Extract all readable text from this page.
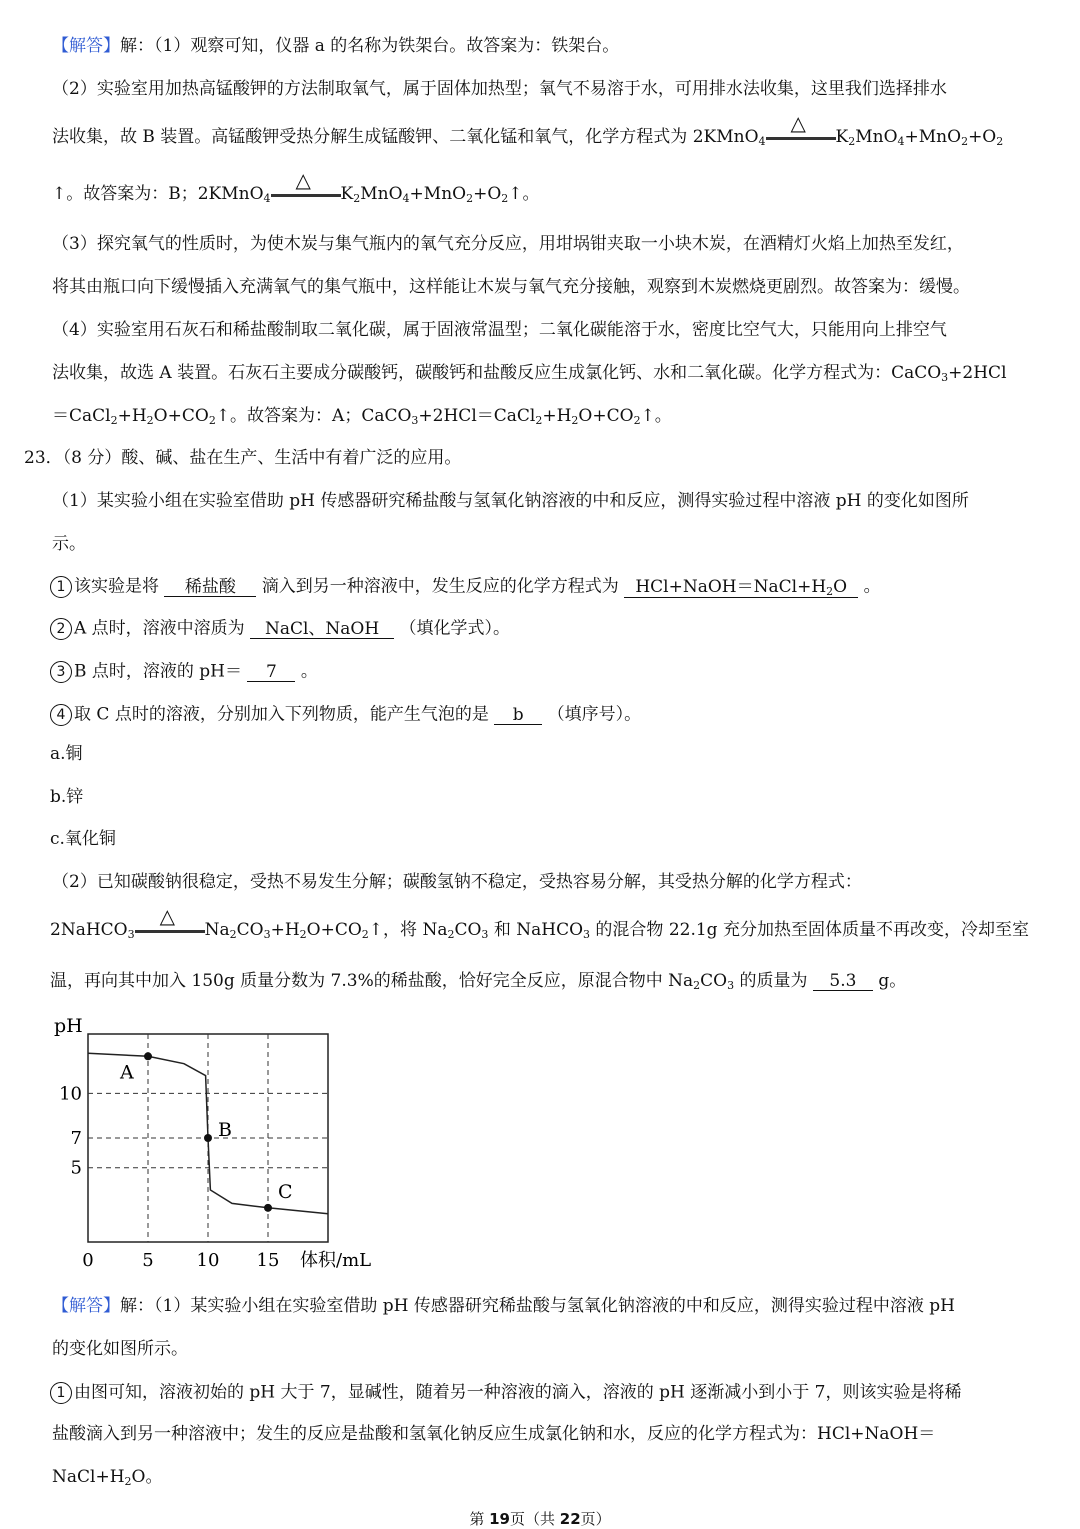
【解答】解：（1）观察可知，仪器 a 的名称为铁架台。故答案为：铁架台。
（2）实验室用加热高锰酸钾的方法制取氧气，属于固体加热型；氧气不易溶于水，可用排水法收集，这里我们选择排水
法收集，故 B 装置。高锰酸钾受热分解生成锰酸钾、二氧化锰和氧气，化学方程式为 2KMnO$_4$
△
$K_2MnO_4+MnO_2+O_2$
↑。故答案为：B；2KMnO$_4$
△
$K_2MnO_4+MnO_2+O_2↑$。
（3）探究氧气的性质时，为使木炭与集气瓶内的氧气充分反应，用坩埚钳夹取一小块木炭，在酒精灯火焰上加热至发红，
将其由瓶口向下缓慢插入充满氧气的集气瓶中，这样能让木炭与氧气充分接触，观察到木炭燃烧更剧烈。故答案为：缓慢。
（4）实验室用石灰石和稀盐酸制取二氧化碳，属于固液常温型；二氧化碳能溶于水，密度比空气大，只能用向上排空气
法收集，故选 A 装置。石灰石主要成分碳酸钙，碳酸钙和盐酸反应生成氯化钙、水和二氧化碳。化学方程式为：CaCO$_3$+2HCl
$=CaCl_2+H_2O+CO_2↑$。故答案为：A；$CaCO_3+2HCl=CaCl_2+H_2O+CO_2↑$。
23．（8 分）酸、碱、盐在生产、生活中有着广泛的应用。
（1）某实验小组在实验室借助 pH 传感器研究稀盐酸与氢氧化钠溶液的中和反应，测得实验过程中溶液 pH 的变化如图所
示。
1 该实验是将 稀盐酸 滴入到另一种溶液中，发生反应的化学方程式为 $HCl+NaOH=NaCl+H_2O$ 。
2 A 点时，溶液中溶质为 NaCl、NaOH （填化学式）。
3 B 点时，溶液的 pH＝ 7 。
4 取 C 点时的溶液，分别加入下列物质，能产生气泡的是 b （填序号）。
a.铜
b.锌
c.氧化铜
（2）已知碳酸钠很稳定，受热不易发生分解；碳酸氢钠不稳定，受热容易分解，其受热分解的化学方程式：
2NaHCO$_3$
△
$Na_2CO_3+H_2O+CO_2↑$，将 $Na_2CO_3$ 和 NaHCO$_3$ 的混合物 22.1g 充分加热至固体质量不再改变，冷却至室
温，再向其中加入 150g 质量分数为 7.3%的稀盐酸，恰好完全反应，原混合物中 $Na_2CO_3$ 的质量为 5.3 g。
pH
0	5 10 15
5
7
10
A
B
C
体积/mL
【解答】解：（1）某实验小组在实验室借助 pH 传感器研究稀盐酸与氢氧化钠溶液的中和反应，测得实验过程中溶液 pH
的变化如图所示。
1 由图可知，溶液初始的 pH 大于 7，显碱性，随着另一种溶液的滴入，溶液的 pH 逐渐减小到小于 7，则该实验是将稀
盐酸滴入到另一种溶液中；发生的反应是盐酸和氢氧化钠反应生成氯化钠和水，反应的化学方程式为：HCl+NaOH＝
$NaCl+H_2O$。
第 19页（共 22页）
